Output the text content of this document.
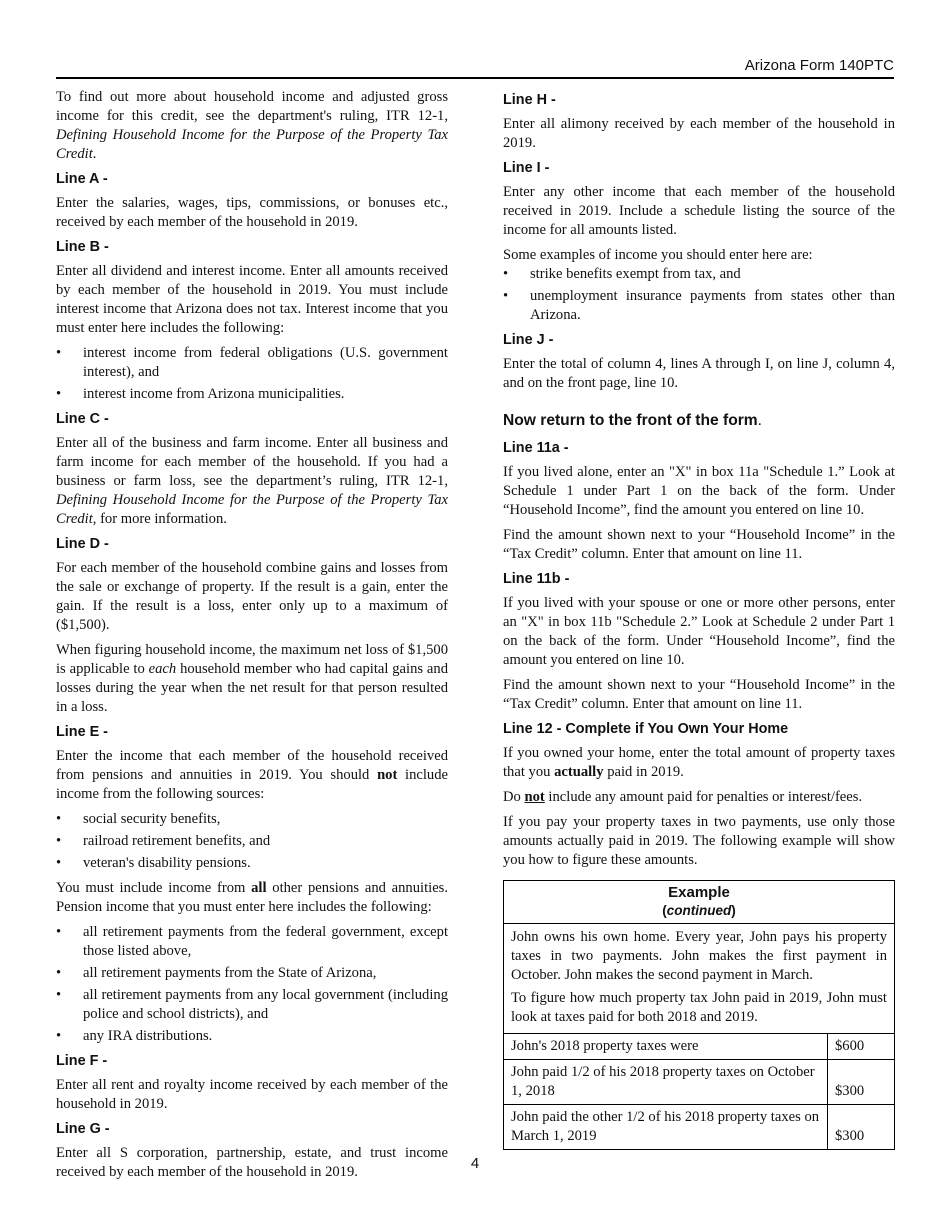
Arizona Form 140PTC

To find out more about household income and adjusted gross income for this credit, see the department's ruling, ITR 12-1, Defining Household Income for the Purpose of the Property Tax Credit.

Line A -

Enter the salaries, wages, tips, commissions, or bonuses etc., received by each member of the household in 2019.

Line B -

Enter all dividend and interest income. Enter all amounts received by each member of the household in 2019. You must include interest income that Arizona does not tax. Interest income that you must enter here includes the following:

• interest income from federal obligations (U.S. government interest), and
• interest income from Arizona municipalities.
Line C -

Enter all of the business and farm income. Enter all business and farm income for each member of the household. If you had a business or farm loss, see the department’s ruling, ITR 12-1, Defining Household Income for the Purpose of the Property Tax Credit, for more information.

Line D -

For each member of the household combine gains and losses from the sale or exchange of property. If the result is a gain, enter the gain. If the result is a loss, enter only up to a maximum of ($1,500).

When figuring household income, the maximum net loss of $1,500 is applicable to each household member who had capital gains and losses during the year when the net result for that person resulted in a loss.

Line E -

Enter the income that each member of the household received from pensions and annuities in 2019. You should not include income from the following sources:

• social security benefits,
• railroad retirement benefits, and
• veteran's disability pensions.

You must include income from all other pensions and annuities. Pension income that you must enter here includes the following:

• all retirement payments from the federal government, except those listed above,
• all retirement payments from the State of Arizona,
• all retirement payments from any local government (including police and school districts), and
• any IRA distributions.
Line F -

Enter all rent and royalty income received by each member of the household in 2019.

Line G -

Enter all S corporation, partnership, estate, and trust income received by each member of the household in 2019.

Line H -

Enter all alimony received by each member of the household in 2019.

Line I -

Enter any other income that each member of the household received in 2019. Include a schedule listing the source of the income for all amounts listed.

Some examples of income you should enter here are:

• strike benefits exempt from tax, and
• unemployment insurance payments from states other than Arizona.
Line J -

Enter the total of column 4, lines A through I, on line J, column 4, and on the front page, line 10.

Now return to the front of the form.
Line 11a -

If you lived alone, enter an "X" in box 11a "Schedule 1.” Look at Schedule 1 under Part 1 on the back of the form. Under “Household Income”, find the amount you entered on line 10.

Find the amount shown next to your “Household Income” in the “Tax Credit” column. Enter that amount on line 11.

Line 11b -

If you lived with your spouse or one or more other persons, enter an "X" in box 11b "Schedule 2.” Look at Schedule 2 under Part 1 on the back of the form. Under “Household Income”, find the amount you entered on line 10.

Find the amount shown next to your “Household Income” in the “Tax Credit” column. Enter that amount on line 11.

Line 12 - Complete if You Own Your Home

If you owned your home, enter the total amount of property taxes that you actually paid in 2019.

Do not include any amount paid for penalties or interest/fees.

If you pay your property taxes in two payments, use only those amounts actually paid in 2019. The following example will show you how to figure these amounts.

Example
(continued)

John owns his own home. Every year, John pays his property taxes in two payments. John makes the first payment in October. John makes the second payment in March.

To figure how much property tax John paid in 2019, John must look at taxes paid for both 2018 and 2019.

John's 2018 property taxes were	$600
John paid 1/2 of his 2018 property taxes on October 1, 2018	$300
John paid the other 1/2 of his 2018 property taxes on March 1, 2019	$300
4
